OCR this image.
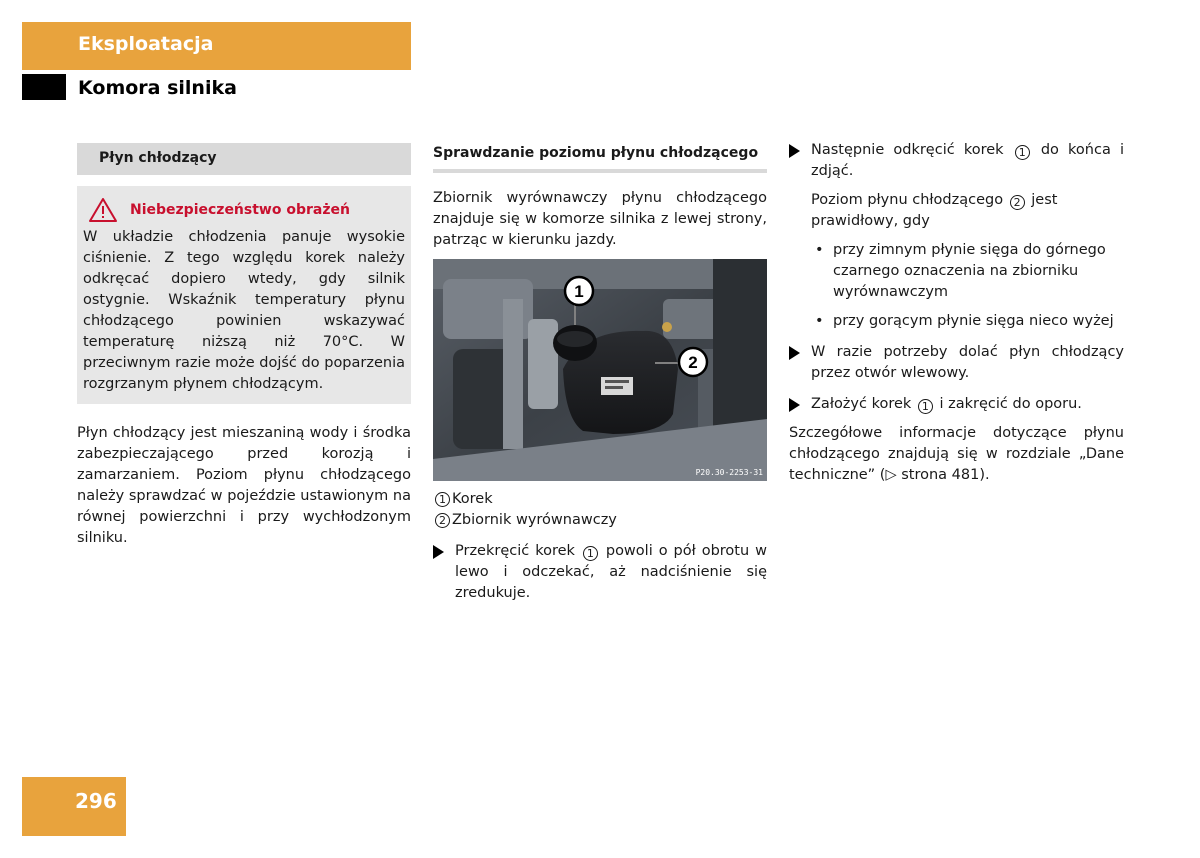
Eksploatacja
Komora silnika
Płyn chłodzący
Niebezpieczeństwo obrażeń

W układzie chłodzenia panuje wysokie ciśnienie. Z tego względu korek należy odkręcać dopiero wtedy, gdy silnik ostygnie. Wskaźnik temperatury płynu chłodzącego powinien wskazywać temperaturę niższą niż 70°C. W przeciwnym razie może dojść do poparzenia rozgrzanym płynem chłodzącym.

Płyn chłodzący jest mieszaniną wody i środka zabezpieczającego przed korozją i zamarzaniem. Poziom płynu chłodzącego należy sprawdzać w pojeździe ustawionym na równej powierzchni i przy wychłodzonym silniku.

Sprawdzanie poziomu płynu chłodzącego

Zbiornik wyrównawczy płynu chłodzącego znajduje się w komorze silnika z lewej strony, patrząc w kierunku jazdy.

1
2
P20.30-2253-31
1 Korek
2 Zbiornik wyrównawczy
Przekręcić korek 1 powoli o pół obrotu w lewo i odczekać, aż nadciśnienie się zredukuje.
Następnie odkręcić korek 1 do końca i zdjąć.
Poziom płynu chłodzącego 2 jest prawidłowy, gdy
• przy zimnym płynie sięga do górnego czarnego oznaczenia na zbiorniku wyrównawczym
• przy gorącym płynie sięga nieco wyżej
W razie potrzeby dolać płyn chłodzący przez otwór wlewowy.
Założyć korek 1 i zakręcić do oporu.

Szczegółowe informacje dotyczące płynu chłodzącego znajdują się w rozdziale „Dane techniczne” (▷ strona 481).

296
